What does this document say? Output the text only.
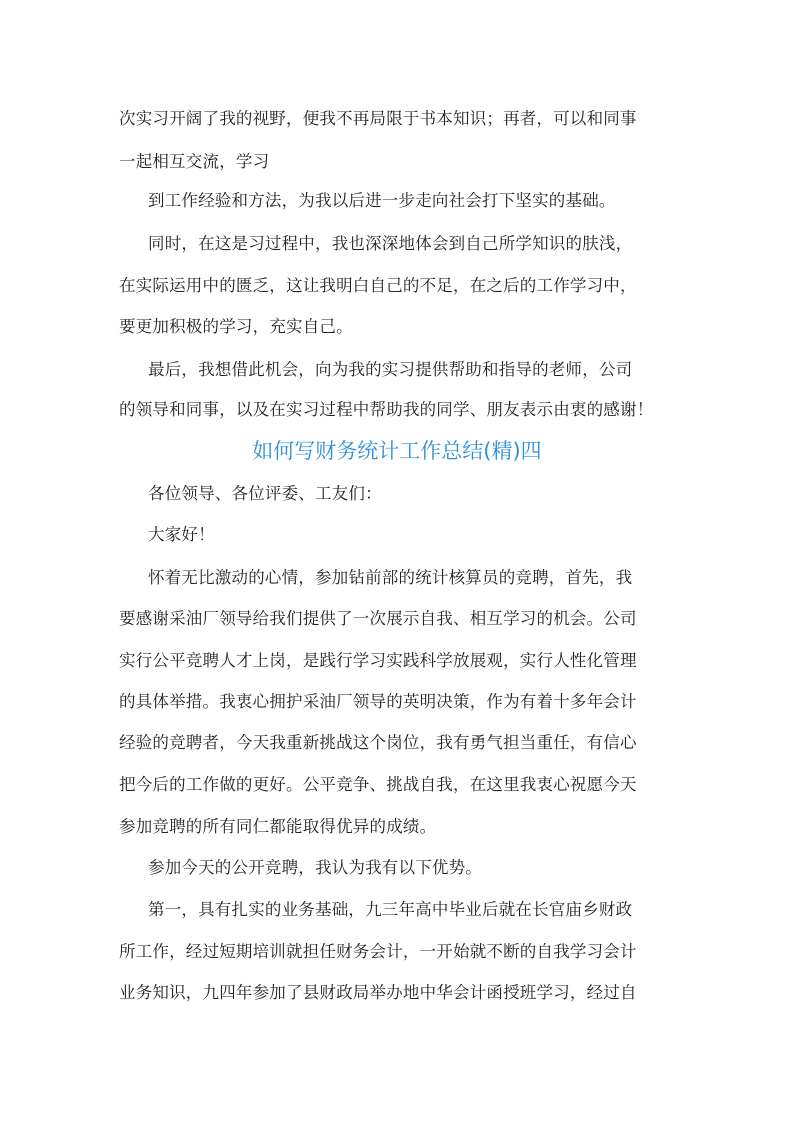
次实习开阔了我的视野，便我不再局限于书本知识；再者，可以和同事
一起相互交流，学习
到工作经验和方法，为我以后进一步走向社会打下坚实的基础。
同时，在这是习过程中，我也深深地体会到自己所学知识的肤浅，
在实际运用中的匮乏，这让我明白自己的不足，在之后的工作学习中，
要更加积极的学习，充实自己。
最后，我想借此机会，向为我的实习提供帮助和指导的老师，公司
的领导和同事，以及在实习过程中帮助我的同学、朋友表示由衷的感谢！
如何写财务统计工作总结(精)四
各位领导、各位评委、工友们：
大家好！
怀着无比激动的心情，参加钻前部的统计核算员的竞聘，首先，我
要感谢采油厂领导给我们提供了一次展示自我、相互学习的机会。公司
实行公平竞聘人才上岗，是践行学习实践科学放展观，实行人性化管理
的具体举措。我衷心拥护采油厂领导的英明决策，作为有着十多年会计
经验的竞聘者，今天我重新挑战这个岗位，我有勇气担当重任，有信心
把今后的工作做的更好。公平竞争、挑战自我，在这里我衷心祝愿今天
参加竞聘的所有同仁都能取得优异的成绩。
参加今天的公开竞聘，我认为我有以下优势。
第一，具有扎实的业务基础，九三年高中毕业后就在长官庙乡财政
所工作，经过短期培训就担任财务会计，一开始就不断的自我学习会计
业务知识，九四年参加了县财政局举办地中华会计函授班学习，经过自
